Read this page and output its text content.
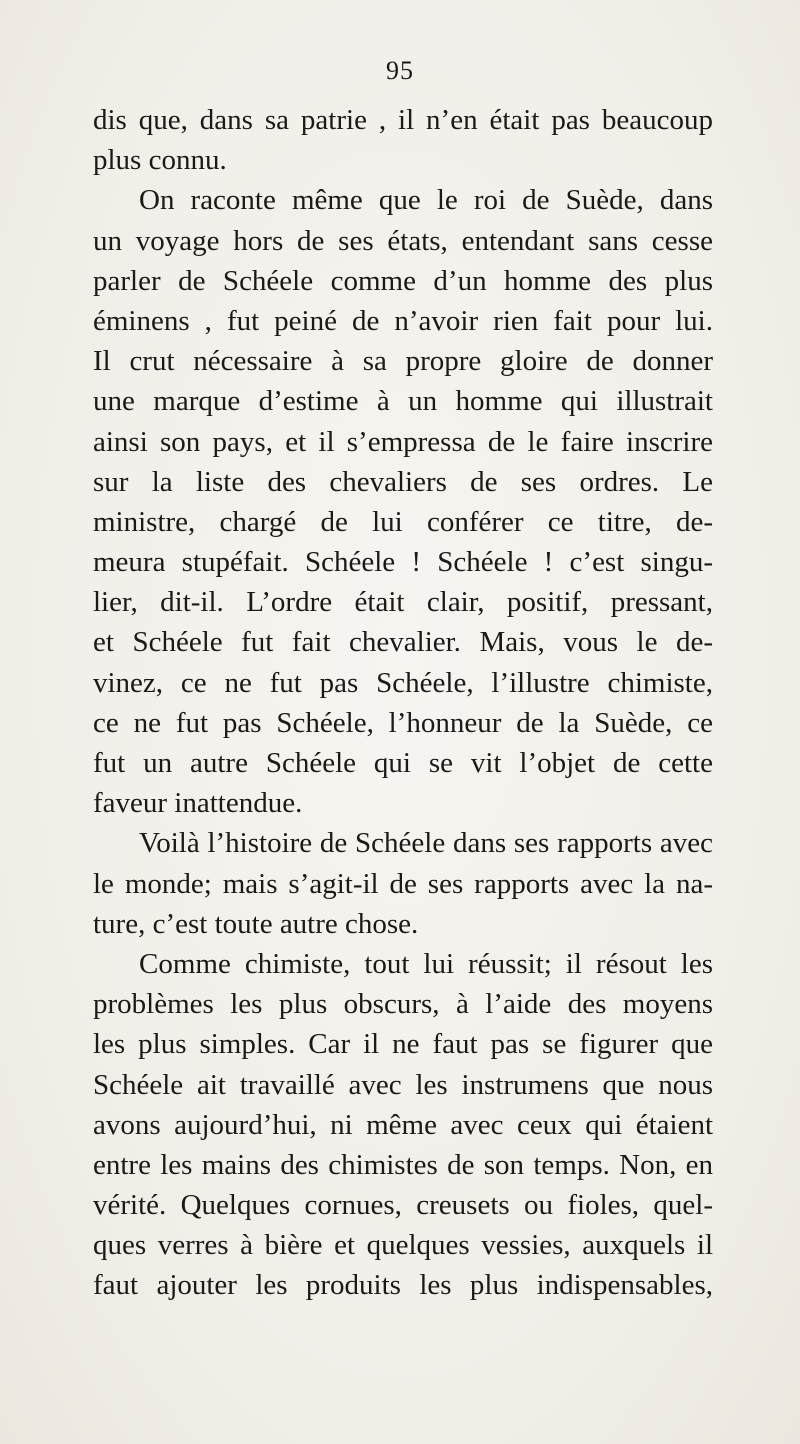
95
dis que, dans sa patrie , il n’en était pas beaucoup
plus connu.
On raconte même que le roi de Suède, dans
un voyage hors de ses états, entendant sans cesse
parler de Schéele comme d’un homme des plus
éminens , fut peiné de n’avoir rien fait pour lui.
Il crut nécessaire à sa propre gloire de donner
une marque d’estime à un homme qui illustrait
ainsi son pays, et il s’empressa de le faire inscrire
sur la liste des chevaliers de ses ordres. Le
ministre, chargé de lui conférer ce titre, de-
meura stupéfait. Schéele ! Schéele ! c’est singu-
lier, dit-il. L’ordre était clair, positif, pressant,
et Schéele fut fait chevalier. Mais, vous le de-
vinez, ce ne fut pas Schéele, l’illustre chimiste,
ce ne fut pas Schéele, l’honneur de la Suède, ce
fut un autre Schéele qui se vit l’objet de cette
faveur inattendue.
Voilà l’histoire de Schéele dans ses rapports avec
le monde; mais s’agit-il de ses rapports avec la na-
ture, c’est toute autre chose.
Comme chimiste, tout lui réussit; il résout les
problèmes les plus obscurs, à l’aide des moyens
les plus simples. Car il ne faut pas se figurer que
Schéele ait travaillé avec les instrumens que nous
avons aujourd’hui, ni même avec ceux qui étaient
entre les mains des chimistes de son temps. Non, en
vérité. Quelques cornues, creusets ou fioles, quel-
ques verres à bière et quelques vessies, auxquels il
faut ajouter les produits les plus indispensables,
